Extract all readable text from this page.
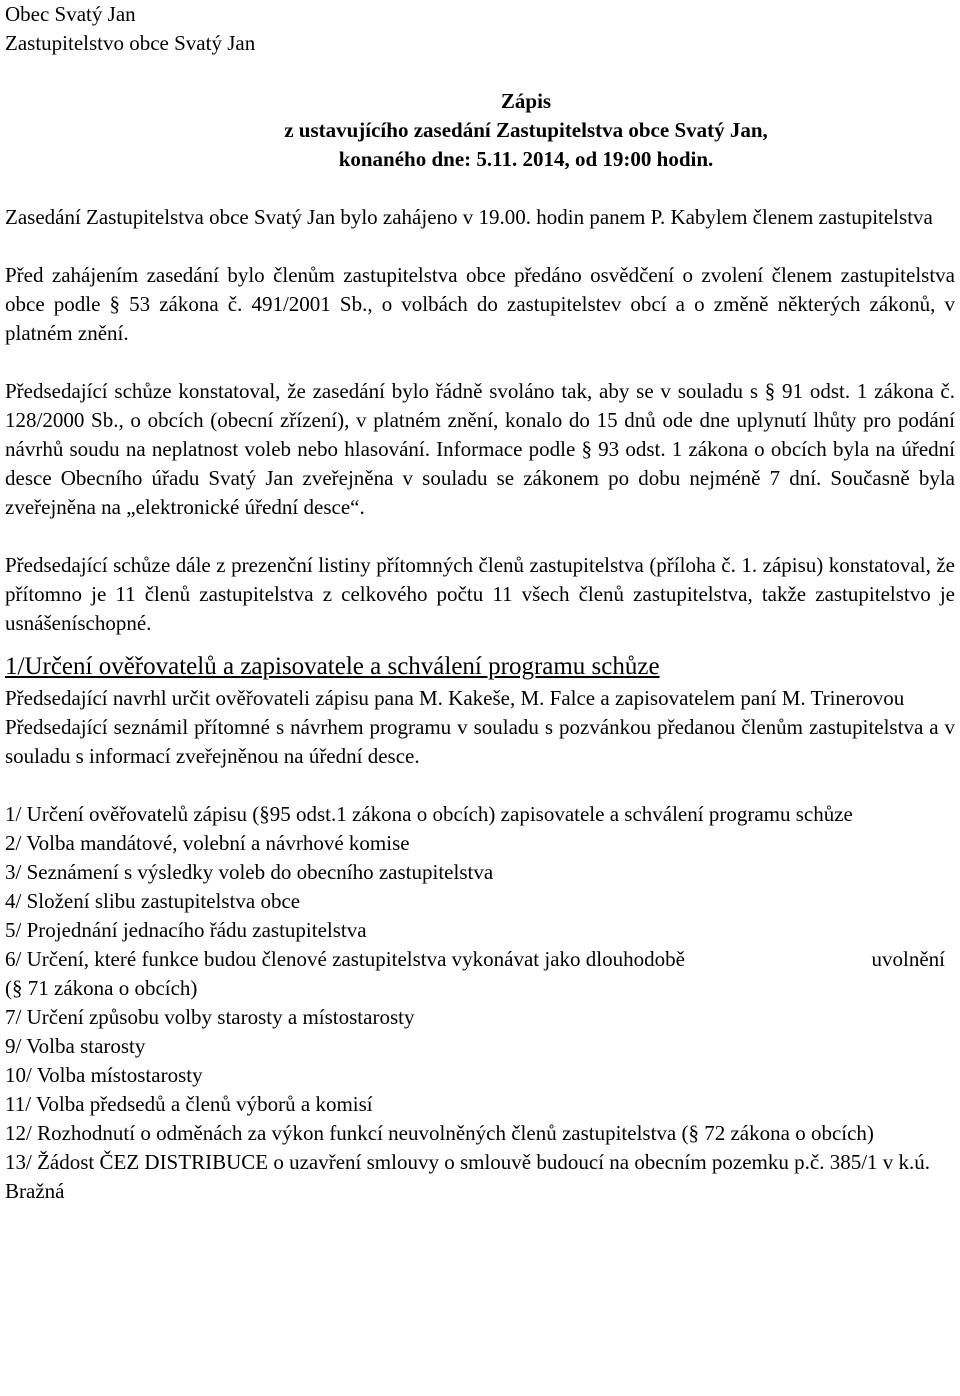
Obec Svatý Jan
Zastupitelstvo obce Svatý Jan
Zápis
z ustavujícího zasedání Zastupitelstva obce Svatý Jan,
konaného dne: 5.11. 2014, od 19:00 hodin.

Zasedání Zastupitelstva obce Svatý Jan bylo zahájeno v 19.00. hodin panem P. Kabylem členem zastupitelstva

Před zahájením zasedání bylo členům zastupitelstva obce předáno osvědčení o zvolení členem zastupitelstva obce podle § 53 zákona č. 491/2001 Sb., o volbách do zastupitelstev obcí a o změně některých zákonů, v platném znění.

Předsedající schůze konstatoval, že zasedání bylo řádně svoláno tak, aby se v souladu s § 91 odst. 1 zákona č. 128/2000 Sb., o obcích (obecní zřízení), v platném znění, konalo do 15 dnů ode dne uplynutí lhůty pro podání návrhů soudu na neplatnost voleb nebo hlasování. Informace podle § 93 odst. 1 zákona o obcích byla na úřední desce Obecního úřadu Svatý Jan zveřejněna v souladu se zákonem po dobu nejméně 7 dní. Současně byla zveřejněna na „elektronické úřední desce“.

Předsedající schůze dále z prezenční listiny přítomných členů zastupitelstva (příloha č. 1. zápisu) konstatoval, že přítomno je 11 členů zastupitelstva z celkového počtu 11 všech členů zastupitelstva, takže zastupitelstvo je usnášeníschopné.

1/Určení ověřovatelů a zapisovatele a schválení programu schůze

Předsedající navrhl určit ověřovateli zápisu pana M. Kakeše, M. Falce a zapisovatelem paní M. Trinerovou

Předsedající seznámil přítomné s návrhem programu v souladu s pozvánkou předanou členům zastupitelstva a v souladu s informací zveřejněnou na úřední desce.

1/ Určení ověřovatelů zápisu (§95 odst.1 zákona o obcích) zapisovatele a schválení programu schůze
2/ Volba mandátové, volební a návrhové komise
3/ Seznámení s výsledky voleb do obecního zastupitelstva
4/ Složení slibu zastupitelstva obce
5/ Projednání jednacího řádu zastupitelstva
6/ Určení, které funkce budou členové zastupitelstva vykonávat jako dlouhodobě	uvolnění
(§ 71 zákona o obcích)
7/ Určení způsobu volby starosty a místostarosty
9/ Volba starosty
10/ Volba místostarosty
11/ Volba předsedů a členů výborů a komisí
12/ Rozhodnutí o odměnách za výkon funkcí neuvolněných členů zastupitelstva (§ 72 zákona o obcích)
13/ Žádost ČEZ DISTRIBUCE o uzavření smlouvy o smlouvě budoucí na obecním pozemku p.č. 385/1 v k.ú. Bražná
